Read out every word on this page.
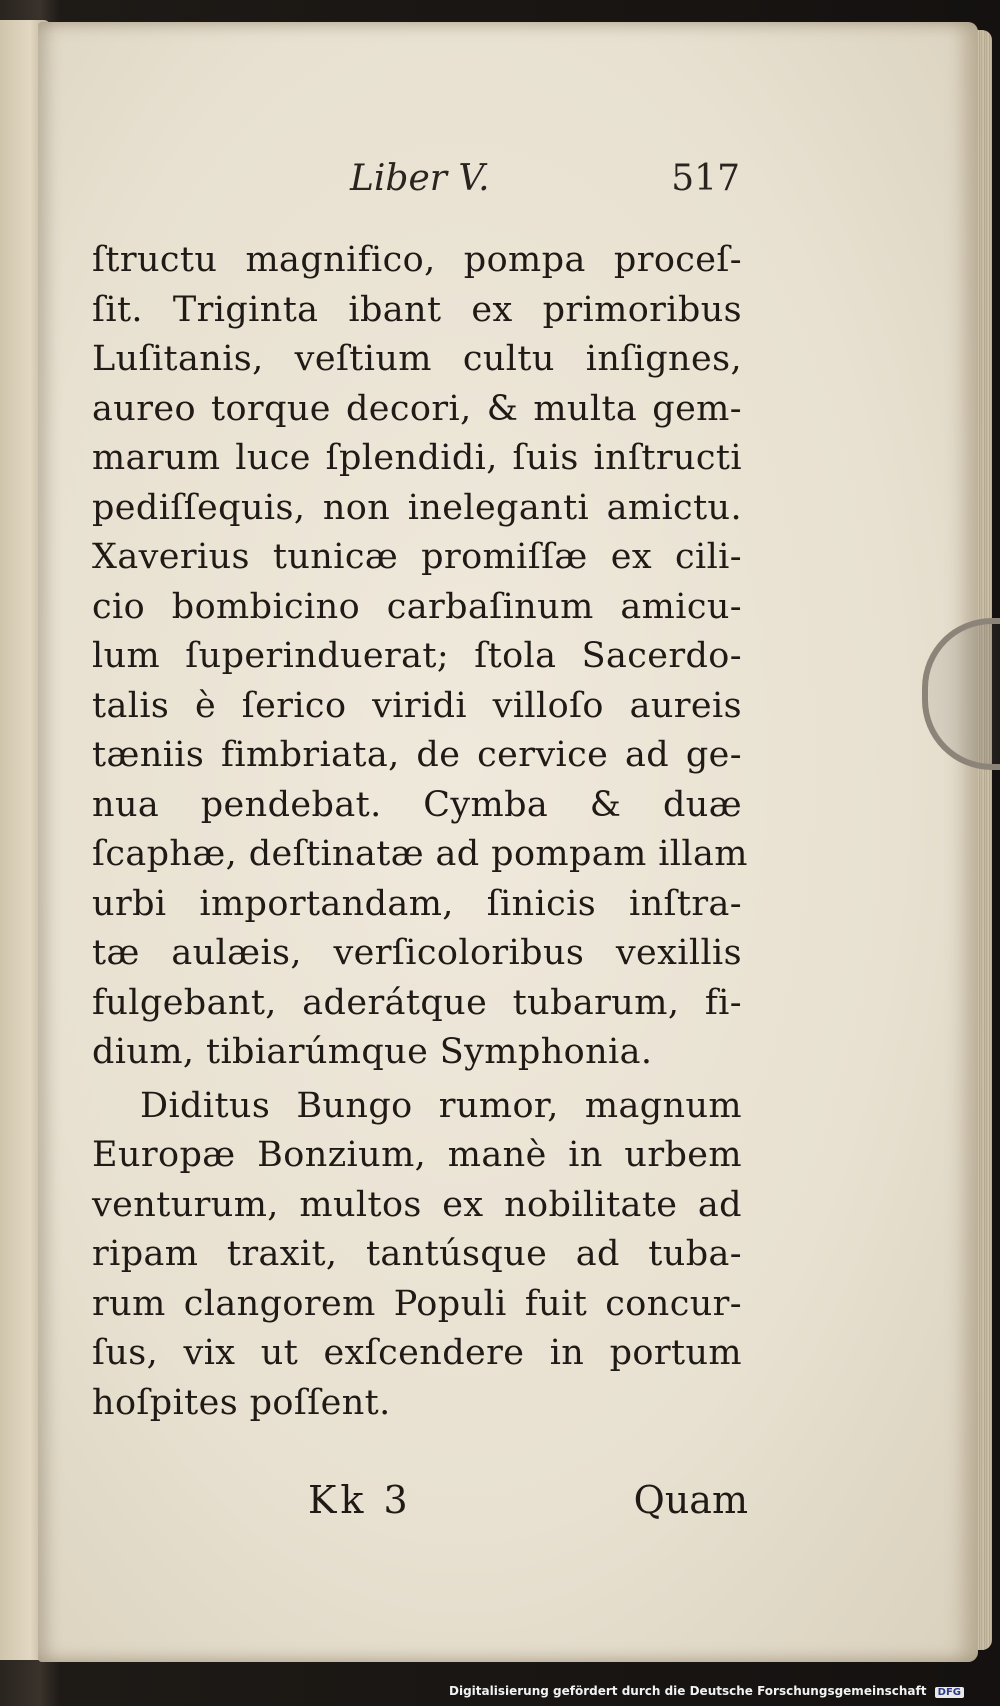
Liber V.	517
ſtructu magnifico, pompa proceſ-
ſit. Triginta ibant ex primoribus
Luſitanis, veſtium cultu inſignes,
aureo torque decori, & multa gem-
marum luce ſplendidi, ſuis inſtructi
pediſſequis, non ineleganti amictu.
Xaverius tunicæ promiſſæ ex cili-
cio bombicino carbaſinum amicu-
lum ſuperinduerat; ſtola Sacerdo-
talis è ſerico viridi villoſo aureis
tæniis fimbriata, de cervice ad ge-
nua pendebat. Cymba & duæ
ſcaphæ, deſtinatæ ad pompam illam
urbi importandam, ſinicis inſtra-
tæ aulæis, verſicoloribus vexillis
fulgebant, aderátque tubarum, fi-
dium, tibiarúmque Symphonia.
Diditus Bungo rumor, magnum
Europæ Bonzium, manè in urbem
venturum, multos ex nobilitate ad
ripam traxit, tantúsque ad tuba-
rum clangorem Populi fuit concur-
ſus, vix ut exſcendere in portum
hoſpites poſſent.
Kk 3	Quam
Digitalisierung gefördert durch die Deutsche Forschungsgemeinschaft DFG
